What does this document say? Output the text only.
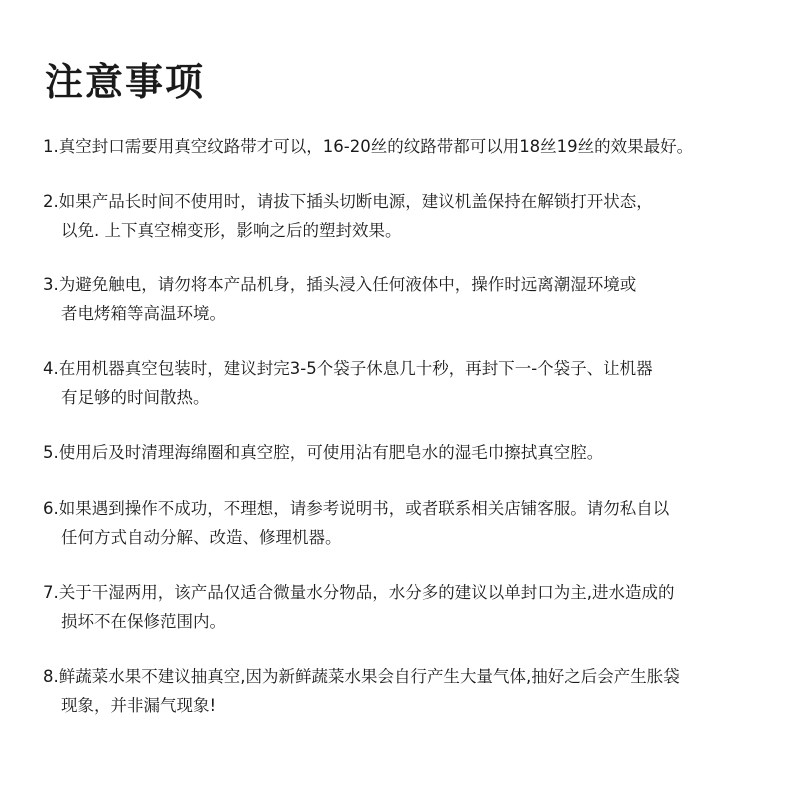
注意事项
1.真空封口需要用真空纹路带才可以，16-20丝的纹路带都可以用18丝19丝的效果最好。
2.如果产品长时间不使用时，请拔下插头切断电源，建议机盖保持在解锁打开状态，
以免. 上下真空棉变形，影响之后的塑封效果。
3.为避免触电，请勿将本产品机身，插头浸入任何液体中，操作时远离潮湿环境或
者电烤箱等高温环境。
4.在用机器真空包装时，建议封完3-5个袋子休息几十秒，再封下一-个袋子、让机器
有足够的时间散热。
5.使用后及时清理海绵圈和真空腔，可使用沾有肥皂水的湿毛巾擦拭真空腔。
6.如果遇到操作不成功，不理想，请参考说明书，或者联系相关店铺客服。请勿私自以
任何方式自动分解、改造、修理机器。
7.关于干湿两用，该产品仅适合微量水分物品，水分多的建议以单封口为主,进水造成的
损坏不在保修范围内。
8.鲜蔬菜水果不建议抽真空,因为新鲜蔬菜水果会自行产生大量气体,抽好之后会产生胀袋
现象，并非漏气现象!
